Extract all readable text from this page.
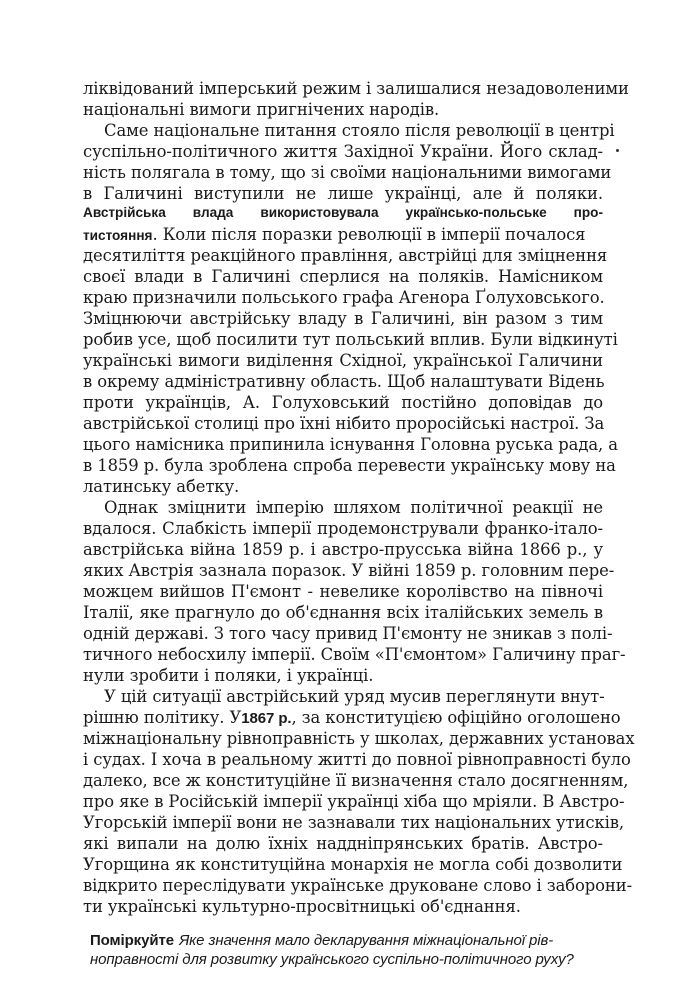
ліквідований імперський режим і залишалися незадоволеними
національні вимоги пригнічених народів.
Саме національне питання стояло після революції в центрі
суспільно-політичного життя Західної України. Його склад-
ність полягала в тому, що зі своїми національними вимогами
в Галичині виступили не лише українці, але й поляки.
Австрійська влада використовувала українсько-польське про-
тистояння. Коли після поразки революції в імперії почалося
десятиліття реакційного правління, австрійці для зміцнення
своєї влади в Галичині сперлися на поляків. Намісником
краю призначили польського графа Агенора Ґолуховського.
Зміцнюючи австрійську владу в Галичині, він разом з тим
робив усе, щоб посилити тут польський вплив. Були відкинуті
українські вимоги виділення Східної, української Галичини
в окрему адміністративну область. Щоб налаштувати Відень
проти українців, А. Голуховський постійно доповідав до
австрійської столиці про їхні нібито проросійські настрої. За
цього намісника припинила існування Головна руська рада, а
в 1859 р. була зроблена спроба перевести українську мову на
латинську абетку.
Однак зміцнити імперію шляхом політичної реакції не
вдалося. Слабкість імперії продемонстрували франко-італо-
австрійська війна 1859 р. і австро-прусська війна 1866 р., у
яких Австрія зазнала поразок. У війні 1859 р. головним пере-
можцем вийшов П'ємонт - невелике королівство на півночі
Італії, яке прагнуло до об'єднання всіх італійських земель в
одній державі. З того часу привид П'ємонту не зникав з полі-
тичного небосхилу імперії. Своїм «П'ємонтом» Галичину праг-
нули зробити і поляки, і українці.
У цій ситуації австрійський уряд мусив переглянути внут-
рішню політику. У1867 р., за конституцією офіційно оголошено
міжнаціональну рівноправність у школах, державних установах
і судах. І хоча в реальному житті до повної рівноправності було
далеко, все ж конституційне її визначення стало досягненням,
про яке в Російській імперії українці хіба що мріяли. В Австро-
Угорській імперії вони не зазнавали тих національних утисків,
які випали на долю їхніх наддніпрянських братів. Австро-
Угорщина як конституційна монархія не могла собі дозволити
відкрито переслідувати українське друковане слово і заборони-
ти українські культурно-просвітницькі об'єднання.
Поміркуйте Яке значення мало декларування міжнаціональної рів-
ноправності для розвитку українського суспільно-політичного руху?
